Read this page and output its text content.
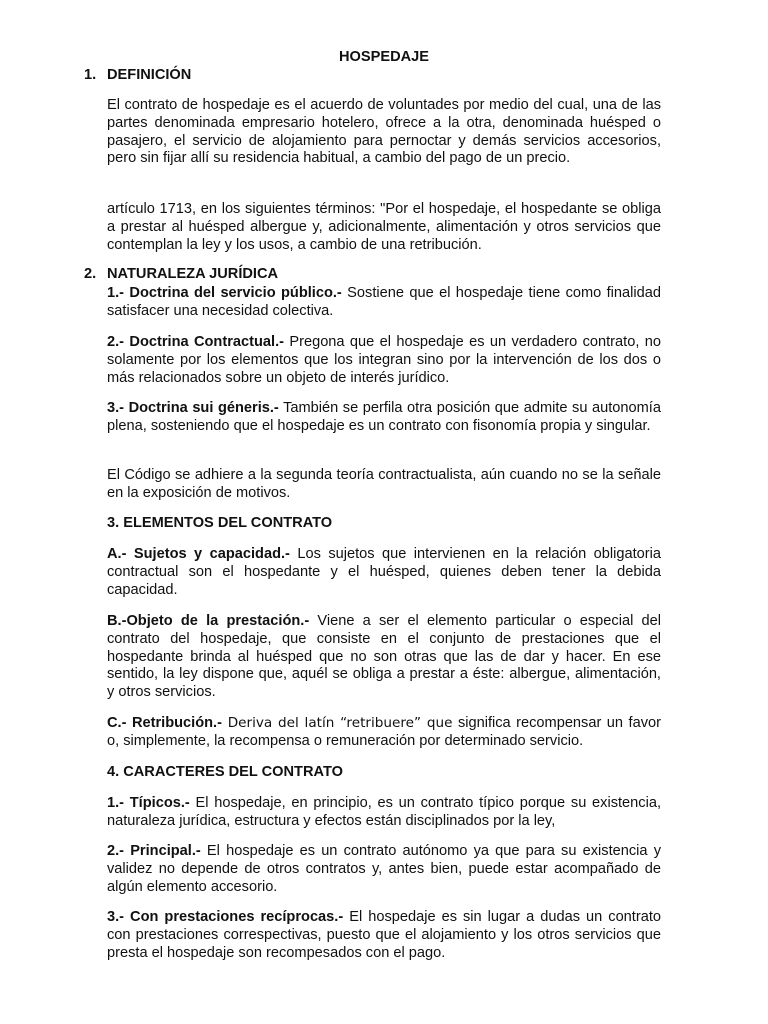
HOSPEDAJE
1. DEFINICIÓN

El contrato de hospedaje es el acuerdo de voluntades por medio del cual, una de las partes denominada empresario hotelero, ofrece a la otra, denominada huésped o pasajero, el servicio de alojamiento para pernoctar y demás servicios accesorios, pero sin fijar allí su residencia habitual, a cambio del pago de un precio.

artículo 1713, en los siguientes términos: "Por el hospedaje, el hospedante se obliga a prestar al huésped albergue y, adicionalmente, alimentación y otros servicios que contemplan la ley y los usos, a cambio de una retribución.

2. NATURALEZA JURÍDICA

1.- Doctrina del servicio público.- Sostiene que el hospedaje tiene como finalidad satisfacer una necesidad colectiva.

2.- Doctrina Contractual.- Pregona que el hospedaje es un verdadero contrato, no solamente por los elementos que los integran sino por la intervención de los dos o más relacionados sobre un objeto de interés jurídico.

3.- Doctrina sui géneris.- También se perfila otra posición que admite su autonomía plena, sosteniendo que el hospedaje es un contrato con fisonomía propia y singular.

El Código se adhiere a la segunda teoría contractualista, aún cuando no se la señale en la exposición de motivos.

3. ELEMENTOS DEL CONTRATO

A.- Sujetos y capacidad.- Los sujetos que intervienen en la relación obligatoria contractual son el hospedante y el huésped, quienes deben tener la debida capacidad.

B.-Objeto de la prestación.- Viene a ser el elemento particular o especial del contrato del hospedaje, que consiste en el conjunto de prestaciones que el hospedante brinda al huésped que no son otras que las de dar y hacer. En ese sentido, la ley dispone que, aquél se obliga a prestar a éste: albergue, alimentación, y otros servicios.

C.- Retribución.- Deriva del latín “retribuere” que significa recompensar un favor o, simplemente, la recompensa o remuneración por determinado servicio.

4. CARACTERES DEL CONTRATO

1.- Típicos.- El hospedaje, en principio, es un contrato típico porque su existencia, naturaleza jurídica, estructura y efectos están disciplinados por la ley,

2.- Principal.- El hospedaje es un contrato autónomo ya que para su existencia y validez no depende de otros contratos y, antes bien, puede estar acompañado de algún elemento accesorio.

3.- Con prestaciones recíprocas.- El hospedaje es sin lugar a dudas un contrato con prestaciones correspectivas, puesto que el alojamiento y los otros servicios que presta el hospedaje son recompesados con el pago.
